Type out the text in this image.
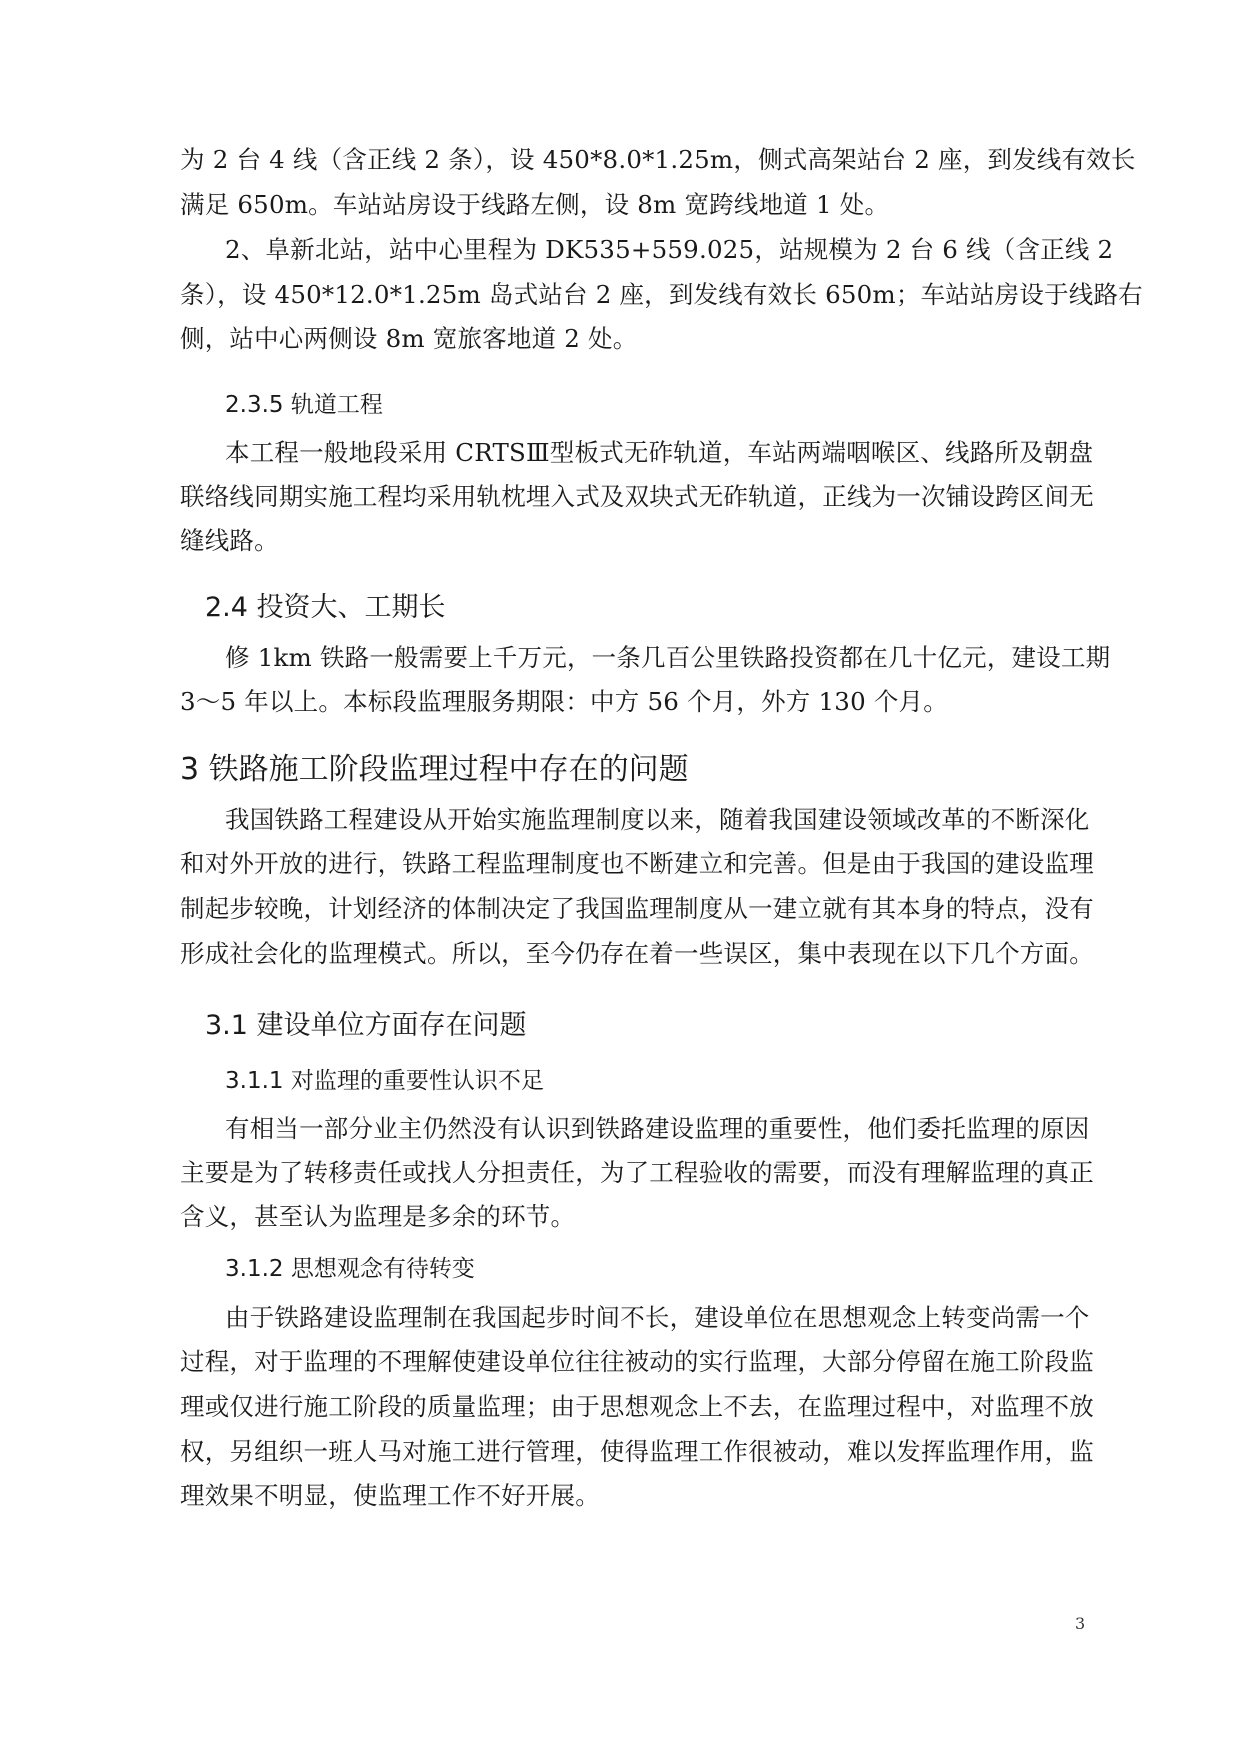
为 2 台 4 线（含正线 2 条），设 450*8.0*1.25m，侧式高架站台 2 座，到发线有效长
满足 650m。车站站房设于线路左侧，设 8m 宽跨线地道 1 处。
2、阜新北站，站中心里程为 DK535+559.025，站规模为 2 台 6 线（含正线 2
条），设 450*12.0*1.25m 岛式站台 2 座，到发线有效长 650m；车站站房设于线路右
侧，站中心两侧设 8m 宽旅客地道 2 处。
2.3.5 轨道工程
本工程一般地段采用 CRTSⅢ型板式无砟轨道，车站两端咽喉区、线路所及朝盘
联络线同期实施工程均采用轨枕埋入式及双块式无砟轨道，正线为一次铺设跨区间无
缝线路。
2.4 投资大、工期长
修 1km 铁路一般需要上千万元，一条几百公里铁路投资都在几十亿元，建设工期
3～5 年以上。本标段监理服务期限：中方 56 个月，外方 130 个月。
3 铁路施工阶段监理过程中存在的问题
我国铁路工程建设从开始实施监理制度以来，随着我国建设领域改革的不断深化
和对外开放的进行，铁路工程监理制度也不断建立和完善。但是由于我国的建设监理
制起步较晚，计划经济的体制决定了我国监理制度从一建立就有其本身的特点，没有
形成社会化的监理模式。所以，至今仍存在着一些误区，集中表现在以下几个方面。
3.1 建设单位方面存在问题
3.1.1 对监理的重要性认识不足
有相当一部分业主仍然没有认识到铁路建设监理的重要性，他们委托监理的原因
主要是为了转移责任或找人分担责任，为了工程验收的需要，而没有理解监理的真正
含义，甚至认为监理是多余的环节。
3.1.2 思想观念有待转变
由于铁路建设监理制在我国起步时间不长，建设单位在思想观念上转变尚需一个
过程，对于监理的不理解使建设单位往往被动的实行监理，大部分停留在施工阶段监
理或仅进行施工阶段的质量监理；由于思想观念上不去，在监理过程中，对监理不放
权，另组织一班人马对施工进行管理，使得监理工作很被动，难以发挥监理作用，监
理效果不明显，使监理工作不好开展。
3
